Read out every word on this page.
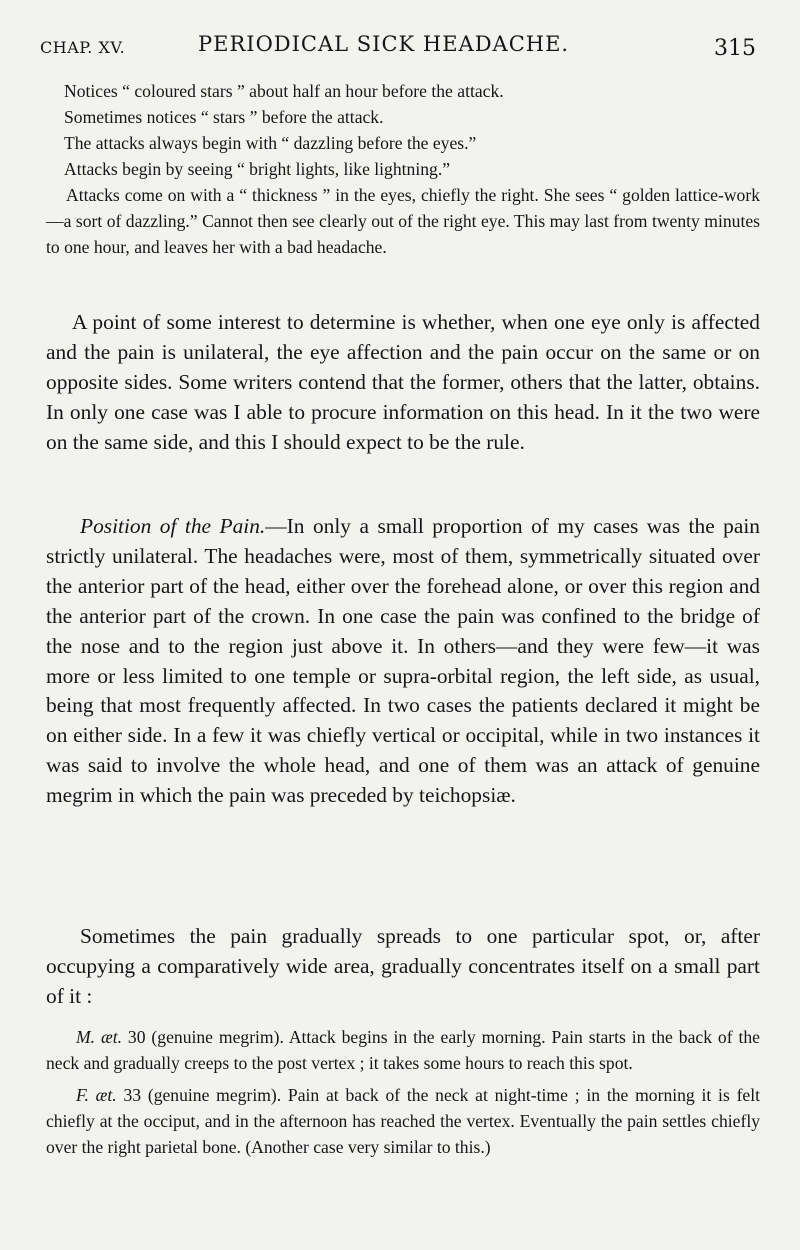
CHAP. XV.	PERIODICAL SICK HEADACHE.	315

Notices “ coloured stars ” about half an hour before the attack.

Sometimes notices “ stars ” before the attack.

The attacks always begin with “ dazzling before the eyes.”

Attacks begin by seeing “ bright lights, like lightning.”

Attacks come on with a “ thickness ” in the eyes, chiefly the right. She sees “ golden lattice-work—a sort of dazzling.” Cannot then see clearly out of the right eye. This may last from twenty minutes to one hour, and leaves her with a bad headache.

A point of some interest to determine is whether, when one eye only is affected and the pain is unilateral, the eye affection and the pain occur on the same or on opposite sides. Some writers contend that the former, others that the latter, obtains. In only one case was I able to procure information on this head. In it the two were on the same side, and this I should expect to be the rule.

Position of the Pain.—In only a small proportion of my cases was the pain strictly unilateral. The headaches were, most of them, symmetrically situated over the anterior part of the head, either over the forehead alone, or over this region and the anterior part of the crown. In one case the pain was confined to the bridge of the nose and to the region just above it. In others—and they were few—it was more or less limited to one temple or supra-orbital region, the left side, as usual, being that most frequently affected. In two cases the patients declared it might be on either side. In a few it was chiefly vertical or occipital, while in two instances it was said to involve the whole head, and one of them was an attack of genuine megrim in which the pain was preceded by teichopsiæ.

Sometimes the pain gradually spreads to one particular spot, or, after occupying a comparatively wide area, gradually concentrates itself on a small part of it :

M. æt. 30 (genuine megrim). Attack begins in the early morning. Pain starts in the back of the neck and gradually creeps to the post vertex ; it takes some hours to reach this spot.

F. æt. 33 (genuine megrim). Pain at back of the neck at night-time ; in the morning it is felt chiefly at the occiput, and in the afternoon has reached the vertex. Eventually the pain settles chiefly over the right parietal bone. (Another case very similar to this.)
